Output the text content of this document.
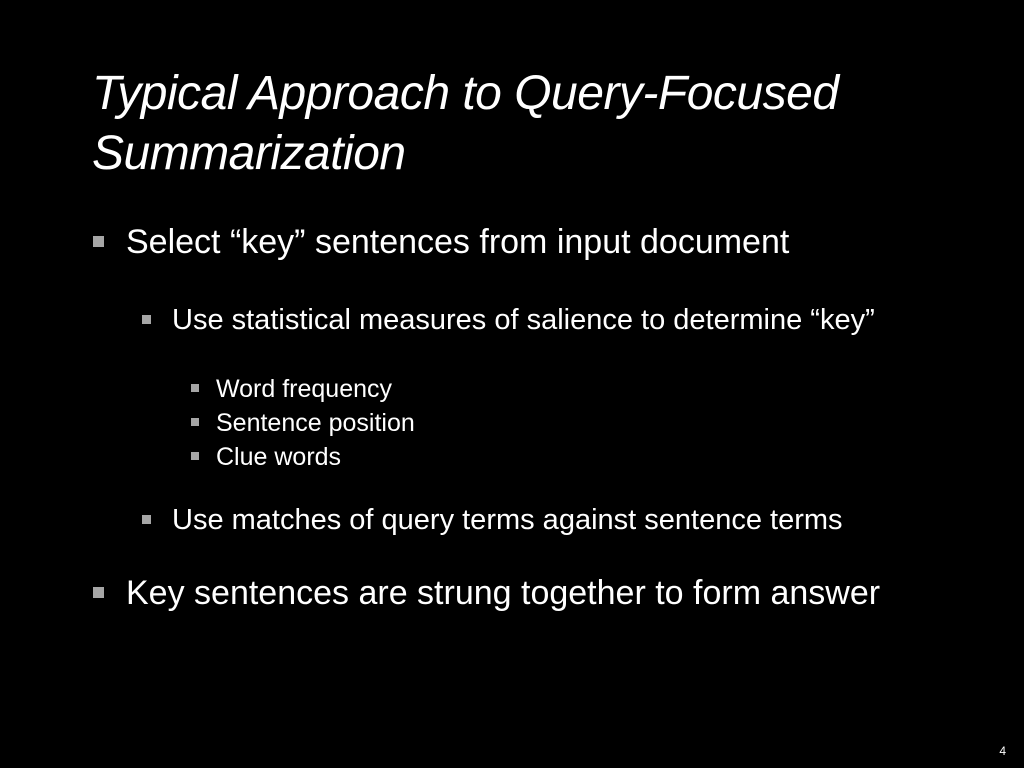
Typical Approach to Query-Focused Summarization
Select “key” sentences from input document
Use statistical measures of salience to determine “key”
Word frequency
Sentence position
Clue words
Use matches of query terms against sentence terms
Key sentences are strung together to form answer
4
